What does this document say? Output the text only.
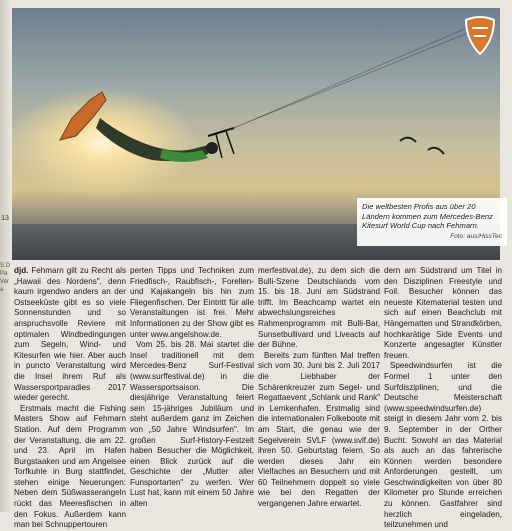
13
S D Pa Vera
Die weltbesten Profis aus über 20 Ländern kommen zum Mercedes-Benz Kitesurf World Cup nach Fehmarn.
Foto: aus/HissTec

djd. Fehmarn gilt zu Recht als „Hawaii des Nordens", denn kaum irgendwo anders an der Ostseeküste gibt es so viele Sonnenstunden und so anspruchsvolle Reviere mit optimalen Windbedingungen zum Segeln, Wind- und Kitesurfen wie hier. Aber auch in puncto Veranstaltung wird die Insel ihrem Ruf als Wassersportparadies 2017 wieder gerecht.

Erstmals macht die Fishing Masters Show auf Fehmarn Station. Auf dem Programm der Veranstaltung, die am 22. und 23. April im Hafen Burgstaaken und am Angelsee Torfkuhle in Burg stattfindet, stehen einige Neuerungen: Neben dem Süßwasserangeln rückt das Meeresfischen in den Fokus. Außerdem kann man bei Schnuppertouren

perten Tipps und Techniken zum Friedfisch-, Raubfisch-, Forellen- und Kajakangeln bis hin zum Fliegenfischen. Der Eintritt für alle Veranstaltungen ist frei. Mehr Informationen zu der Show gibt es unter www.angelshow.de.

Vom 25. bis 28. Mai startet die Insel traditionell mit dem Mercedes-Benz Surf-Festival (www.surffestival.de) in die Wassersportsaison. Die diesjährige Veranstaltung feiert sein 15-jähriges Jubiläum und steht außerdem ganz im Zeichen von „50 Jahre Windsurfen". Im großen Surf-History-Festzelt haben Besucher die Möglichkeit, einen Blick zurück auf die Geschichte der „Mutter aller Funsportarten" zu werfen. Wer Lust hat, kann mit einem 50 Jahre alten

merfestival.de), zu dem sich die Bulli-Szene Deutschlands vom 15. bis 18. Juni am Südstrand trifft. Im Beachcamp wartet ein abwechslungsreiches Rahmenprogramm mit Bulli-Bar, Sunsetbullivard und Liveacts auf der Bühne.

Bereits zum fünften Mal treffen sich vom 30. Juni bis 2. Juli 2017 die Liebhaber der Schärenkreuzer zum Segel- und Regattaevent „Schlank und Rank" in Lemkenhafen. Erstmalig sind die internationalen Folkeboote mit am Start, die genau wie der Segelverein SVLF (www.svlf.de) ihren 50. Geburtstag feiern. So werden dieses Jahr ein Vielfaches an Besuchern und mit 60 Teilnehmern doppelt so viele wie bei den Regatten der vergangenen Jahre erwartet.

dern am Südstrand um Titel in den Disziplinen Freestyle und Foil. Besucher können das neueste Kitematerial testen und sich auf einen Beachclub mit Hängematten und Strandkörben, hochkarätige Side Events und Konzerte angesagter Künstler freuen.

Speedwindsurfen ist die Formel 1 unter den Surfdisziplinen, und die Deutsche Meisterschaft (www.speedwindsurfen.de) steigt in diesem Jahr vom 2. bis 9. September in der Orther Bucht. Sowohl an das Material als auch an das fahrerische Können werden besondere Anforderungen gestellt, um Geschwindigkeiten von über 80 Kilometer pro Stunde erreichen zu können. Gastfahrer sind herzlich eingeladen, teilzunehmen und
